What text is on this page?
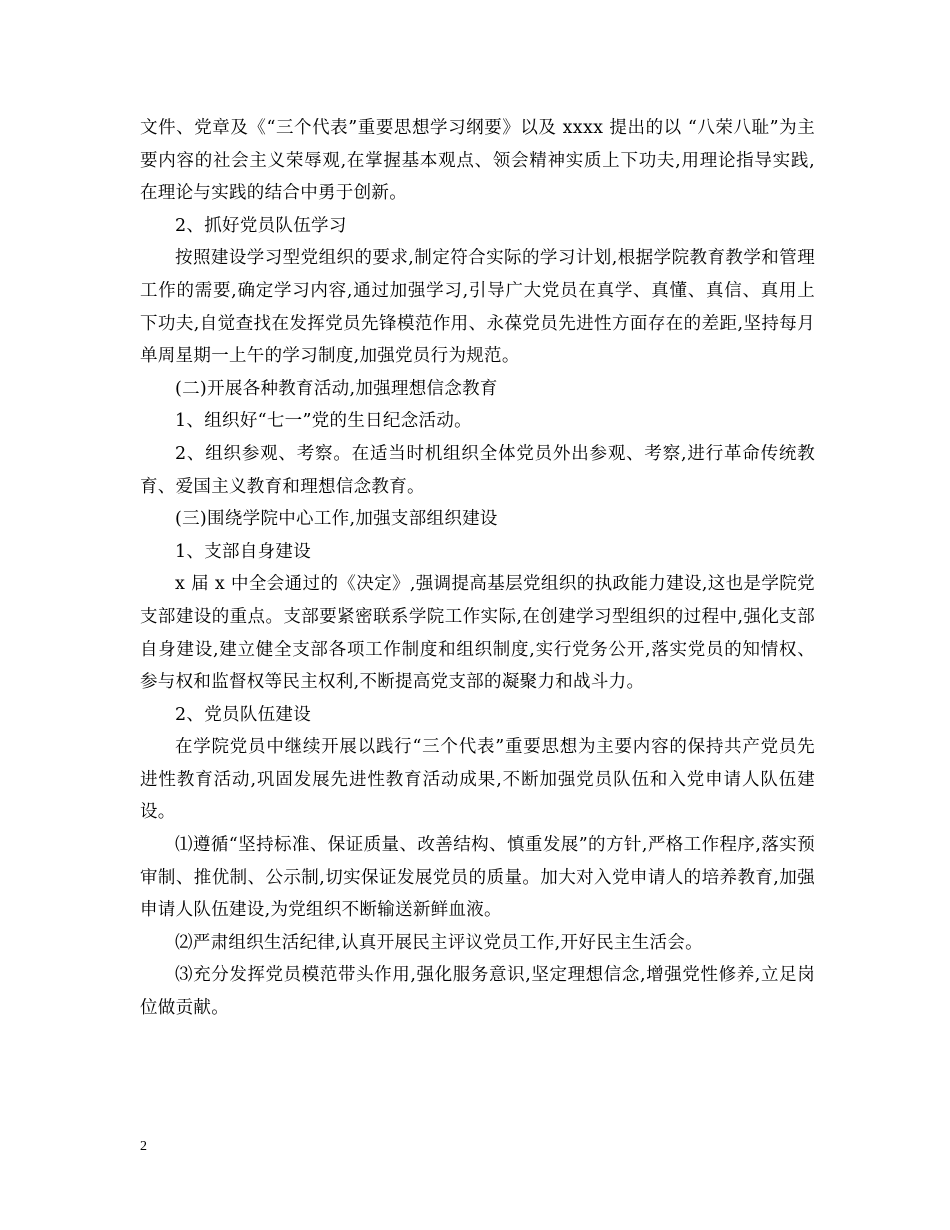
文件、党章及《“三个代表”重要思想学习纲要》以及 xxxx 提出的以 “八荣八耻”为主要内容的社会主义荣辱观,在掌握基本观点、领会精神实质上下功夫,用理论指导实践,在理论与实践的结合中勇于创新。

2、抓好党员队伍学习

按照建设学习型党组织的要求,制定符合实际的学习计划,根据学院教育教学和管理工作的需要,确定学习内容,通过加强学习,引导广大党员在真学、真懂、真信、真用上下功夫,自觉查找在发挥党员先锋模范作用、永葆党员先进性方面存在的差距,坚持每月单周星期一上午的学习制度,加强党员行为规范。

(二)开展各种教育活动,加强理想信念教育

1、组织好“七一”党的生日纪念活动。

2、组织参观、考察。在适当时机组织全体党员外出参观、考察,进行革命传统教育、爱国主义教育和理想信念教育。

(三)围绕学院中心工作,加强支部组织建设

1、支部自身建设

x 届 x 中全会通过的《决定》,强调提高基层党组织的执政能力建设,这也是学院党支部建设的重点。支部要紧密联系学院工作实际,在创建学习型组织的过程中,强化支部自身建设,建立健全支部各项工作制度和组织制度,实行党务公开,落实党员的知情权、参与权和监督权等民主权利,不断提高党支部的凝聚力和战斗力。

2、党员队伍建设

在学院党员中继续开展以践行“三个代表”重要思想为主要内容的保持共产党员先进性教育活动,巩固发展先进性教育活动成果,不断加强党员队伍和入党申请人队伍建设。

⑴遵循“坚持标准、保证质量、改善结构、慎重发展”的方针,严格工作程序,落实预审制、推优制、公示制,切实保证发展党员的质量。加大对入党申请人的培养教育,加强申请人队伍建设,为党组织不断输送新鲜血液。

⑵严肃组织生活纪律,认真开展民主评议党员工作,开好民主生活会。

⑶充分发挥党员模范带头作用,强化服务意识,坚定理想信念,增强党性修养,立足岗位做贡献。

2
